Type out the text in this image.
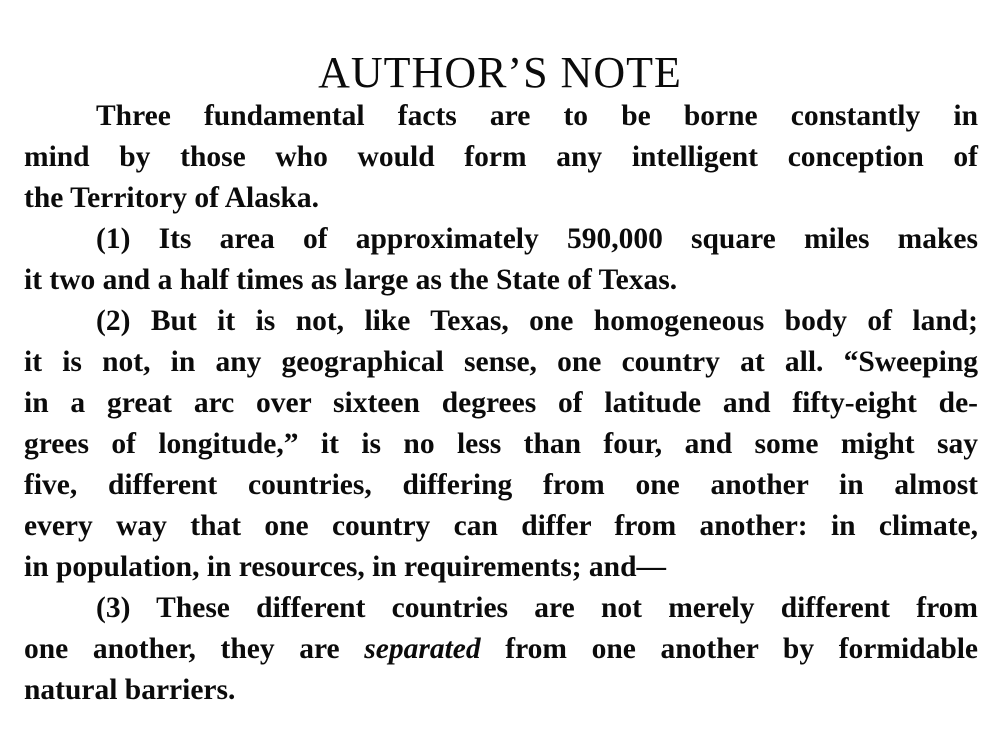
AUTHOR’S NOTE
Three fundamental facts are to be borne constantly in
mind by those who would form any intelligent conception of
the Territory of Alaska.
(1) Its area of approximately 590,000 square miles makes
it two and a half times as large as the State of Texas.
(2) But it is not, like Texas, one homogeneous body of land;
it is not, in any geographical sense, one country at all. “Sweeping
in a great arc over sixteen degrees of latitude and fifty-eight de-
grees of longitude,” it is no less than four, and some might say
five, different countries, differing from one another in almost
every way that one country can differ from another: in climate,
in population, in resources, in requirements; and—
(3) These different countries are not merely different from
one another, they are separated from one another by formidable
natural barriers.
